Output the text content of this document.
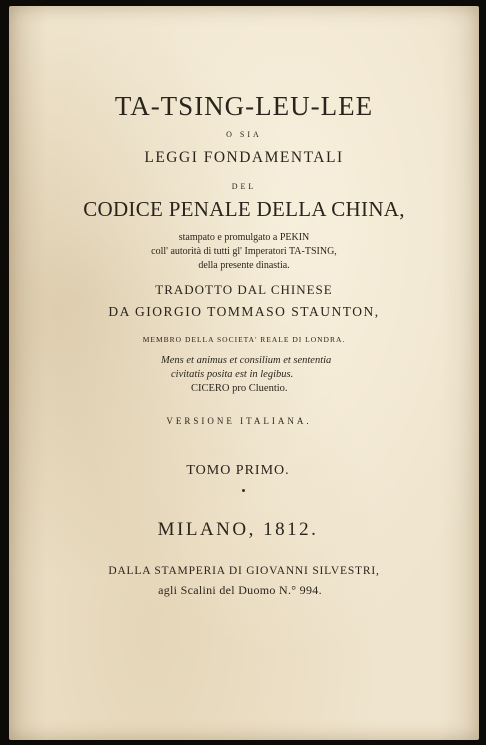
TA-TSING-LEU-LEE
O SIA
LEGGI FONDAMENTALI
DEL
CODICE PENALE DELLA CHINA,
stampato e promulgato a PEKIN
coll' autorità di tutti gl' Imperatori TA-TSING,
della presente dinastia.
TRADOTTO DAL CHINESE
DA GIORGIO TOMMASO STAUNTON,
MEMBRO DELLA SOCIETA' REALE DI LONDRA.
Mens et animus et consilium et sententia
civitatis posita est in legibus.
CICERO pro Cluentio.
VERSIONE ITALIANA.
TOMO PRIMO.
MILANO, 1812.
DALLA STAMPERIA DI GIOVANNI SILVESTRI,
agli Scalini del Duomo N.° 994.
